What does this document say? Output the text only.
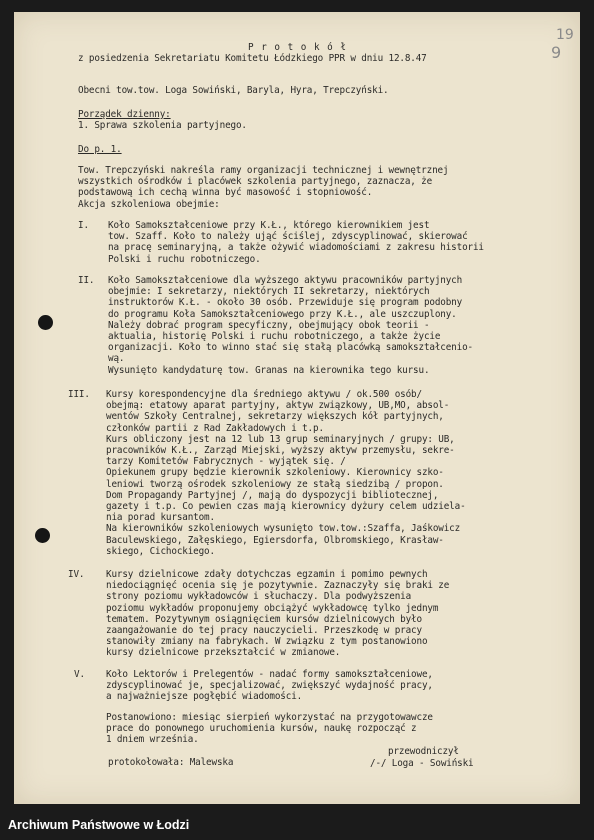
19
9
P r o t o k ó ł
z posiedzenia Sekretariatu Komitetu Łódzkiego PPR w dniu 12.8.47
Obecni tow.tow. Loga Sowiński, Baryla, Hyra, Trepczyński.
Porządek dzienny:
1. Sprawa szkolenia partyjnego.
Do p. 1.
Tow. Trepczyński nakreśla ramy organizacji technicznej i wewnętrznej
wszystkich ośrodków i placówek szkolenia partyjnego, zaznacza, że
podstawową ich cechą winna być masowość i stopniowość.
Akcja szkoleniowa obejmie:
I. Koło Samokształceniowe przy K.Ł., którego kierownikiem jest
tow. Szaff. Koło to należy ująć ściślej, zdyscyplinować, skierować
na pracę seminaryjną, a także ożywić wiadomościami z zakresu historii
Polski i ruchu robotniczego.
II. Koło Samokształceniowe dla wyższego aktywu pracowników partyjnych
obejmie: I sekretarzy, niektórych II sekretarzy, niektórych
instruktorów K.Ł. - około 30 osób. Przewiduje się program podobny
do programu Koła Samokształceniowego przy K.Ł., ale uszczuplony.
Należy dobrać program specyficzny, obejmujący obok teorii -
aktualia, historię Polski i ruchu robotniczego, a także życie
organizacji. Koło to winno stać się stałą placówką samokształcenio-
wą.
Wysunięto kandydaturę tow. Granas na kierownika tego kursu.
III. Kursy korespondencyjne dla średniego aktywu / ok.500 osób/
obejmą: etatowy aparat partyjny, aktyw związkowy, UB,MO, absol-
wentów Szkoły Centralnej, sekretarzy większych kół partyjnych,
członków partii z Rad Zakładowych i t.p.
Kurs obliczony jest na 12 lub 13 grup seminaryjnych / grupy: UB,
pracowników K.Ł., Zarząd Miejski, wyższy aktyw przemysłu, sekre-
tarzy Komitetów Fabrycznych - wyjątek się. /
Opiekunem grupy będzie kierownik szkoleniowy. Kierownicy szko-
leniowi tworzą ośrodek szkoleniowy ze stałą siedzibą / propon.
Dom Propagandy Partyjnej /, mają do dyspozycji bibliotecznej,
gazety i t.p. Co pewien czas mają kierownicy dyżury celem udziela-
nia porad kursantom.
Na kierowników szkoleniowych wysunięto tow.tow.:Szaffa, Jaśkowicz
Baculewskiego, Załęskiego, Egiersdorfa, Olbromskiego, Krasław-
skiego, Cichockiego.
IV. Kursy dzielnicowe zdały dotychczas egzamin i pomimo pewnych
niedociągnięć ocenia się je pozytywnie. Zaznaczyły się braki ze
strony poziomu wykładowców i słuchaczy. Dla podwyższenia
poziomu wykładów proponujemy obciążyć wykładowcę tylko jednym
tematem. Pozytywnym osiągnięciem kursów dzielnicowych było
zaangażowanie do tej pracy nauczycieli. Przeszkodę w pracy
stanowiły zmiany na fabrykach. W związku z tym postanowiono
kursy dzielnicowe przekształcić w zmianowe.
V. Koło Lektorów i Prelegentów - nadać formy samokształceniowe,
zdyscyplinować je, specjalizować, zwiększyć wydajność pracy,
a najważniejsze pogłębić wiadomości.
Postanowiono: miesiąc sierpień wykorzystać na przygotowawcze
prace do ponownego uruchomienia kursów, naukę rozpocząć z
1 dniem września.
przewodniczył
protokołowała: Malewska	/-/ Loga - Sowiński
Archiwum Państwowe w Łodzi
